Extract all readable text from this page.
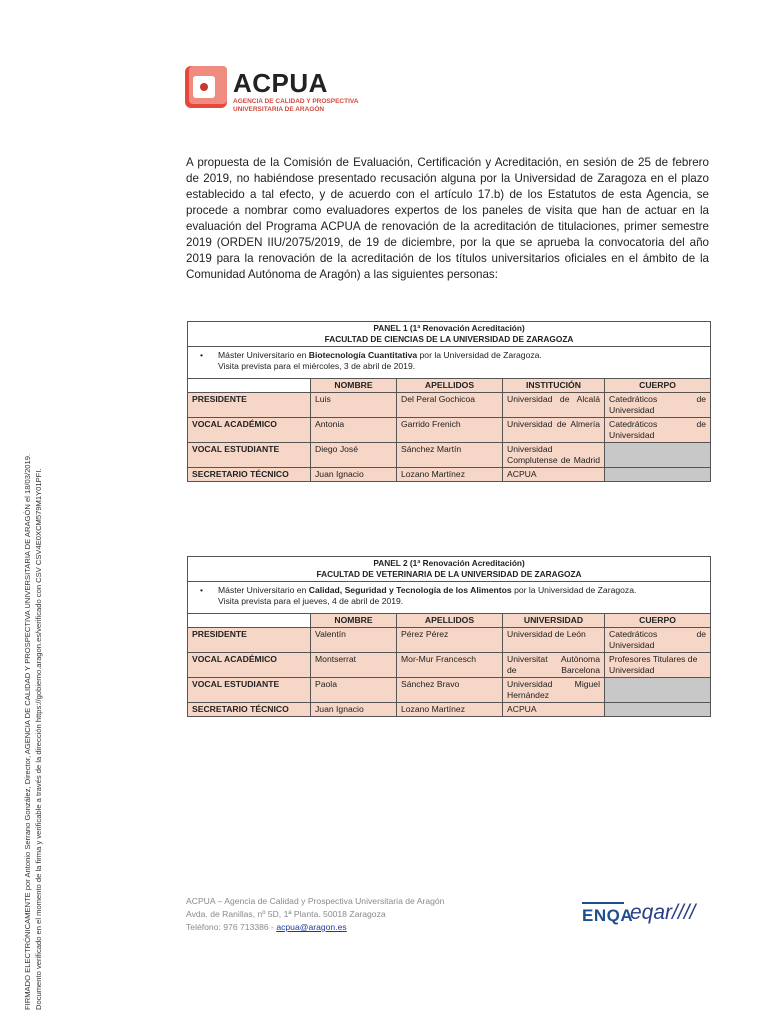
FIRMADO ELECTRÓNICAMENTE por Antonio Serrano González, Director, AGENCIA DE CALIDAD Y PROSPECTIVA UNIVERSITARIA DE ARAGÓN el 18/03/2019. Documento verificado en el momento de la firma y verificable a través de la dirección https://gobierno.aragon.es/verificado con CSV CSV4E0XCM579M1Y01PFI.
ACPUA
AGENCIA DE CALIDAD Y PROSPECTIVA
UNIVERSITARIA DE ARAGÓN
A propuesta de la Comisión de Evaluación, Certificación y Acreditación, en sesión de 25 de febrero de 2019, no habiéndose presentado recusación alguna por la Universidad de Zaragoza en el plazo establecido a tal efecto, y de acuerdo con el artículo 17.b) de los Estatutos de esta Agencia, se procede a nombrar como evaluadores expertos de los paneles de visita que han de actuar en la evaluación del Programa ACPUA de renovación de la acreditación de titulaciones, primer semestre 2019 (ORDEN IIU/2075/2019, de 19 de diciembre, por la que se aprueba la convocatoria del año 2019 para la renovación de la acreditación de los títulos universitarios oficiales en el ámbito de la Comunidad Autónoma de Aragón) a las siguientes personas:
PANEL 1 (1ª Renovación Acreditación)
FACULTAD DE CIENCIAS DE LA UNIVERSIDAD DE ZARAGOZA				

• Máster Universitario en Biotecnología Cuantitativa por la Universidad de Zaragoza.
Visita prevista para el miércoles, 3 de abril de 2019.				
	NOMBRE	APELLIDOS	INSTITUCIÓN	CUERPO
PRESIDENTE	Luis	Del Peral Gochicoa	Universidad de Alcalá	Catedráticos de Universidad
VOCAL ACADÉMICO	Antonia	Garrido Frenich	Universidad de Almería	Catedráticos de Universidad
VOCAL ESTUDIANTE	Diego José	Sánchez Martín	Universidad Complutense de Madrid	
SECRETARIO TÉCNICO	Juan Ignacio	Lozano Martínez	ACPUA	
PANEL 2 (1ª Renovación Acreditación)
FACULTAD DE VETERINARIA DE LA UNIVERSIDAD DE ZARAGOZA				

• Máster Universitario en Calidad, Seguridad y Tecnología de los Alimentos por la Universidad de Zaragoza.
Visita prevista para el jueves, 4 de abril de 2019.				
	NOMBRE	APELLIDOS	UNIVERSIDAD	CUERPO
PRESIDENTE	Valentín	Pérez Pérez	Universidad de León	Catedráticos de Universidad
VOCAL ACADÉMICO	Montserrat	Mor-Mur Francesch	Universitat Autònoma de Barcelona	Profesores Titulares de Universidad
VOCAL ESTUDIANTE	Paola	Sánchez Bravo	Universidad Miguel Hernández	
SECRETARIO TÉCNICO	Juan Ignacio	Lozano Martínez	ACPUA	
ACPUA – Agencia de Calidad y Prospectiva Universitaria de Aragón
Avda. de Ranillas, nº 5D, 1ª Planta. 50018 Zaragoza
Teléfono: 976 713386 - acpua@aragon.es
ENQA
eqar////
